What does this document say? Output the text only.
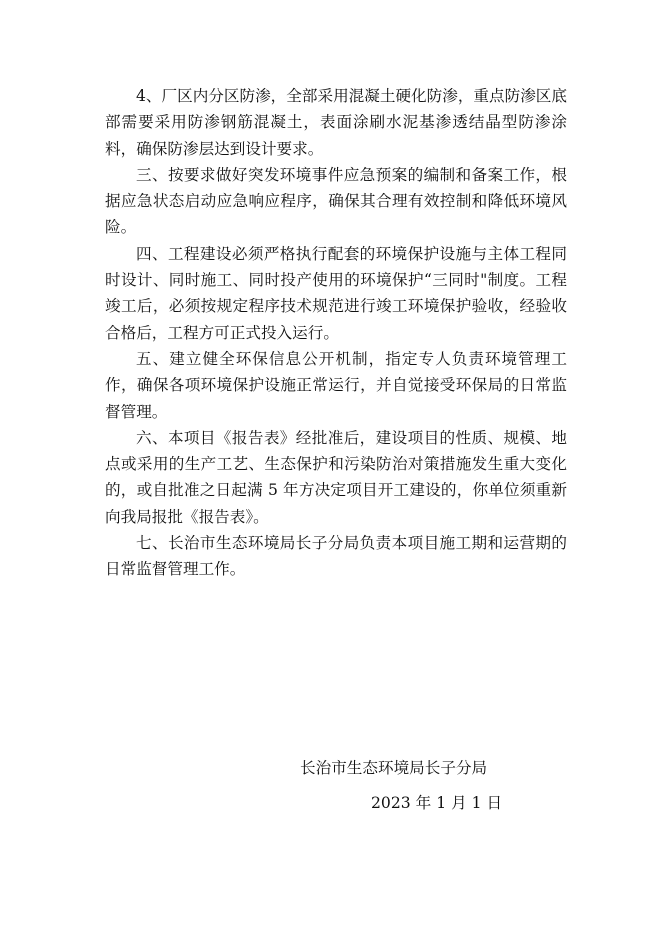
4、厂区内分区防渗，全部采用混凝土硬化防渗，重点防渗区底部需要采用防渗钢筋混凝土，表面涂刷水泥基渗透结晶型防渗涂料，确保防渗层达到设计要求。

三、按要求做好突发环境事件应急预案的编制和备案工作，根据应急状态启动应急响应程序，确保其合理有效控制和降低环境风险。

四、工程建设必须严格执行配套的环境保护设施与主体工程同时设计、同时施工、同时投产使用的环境保护“三同时"制度。工程竣工后，必须按规定程序技术规范进行竣工环境保护验收，经验收合格后，工程方可正式投入运行。

五、建立健全环保信息公开机制，指定专人负责环境管理工作，确保各项环境保护设施正常运行，并自觉接受环保局的日常监督管理。

六、本项目《报告表》经批准后，建设项目的性质、规模、地点或采用的生产工艺、生态保护和污染防治对策措施发生重大变化的，或自批准之日起满 5 年方决定项目开工建设的，你单位须重新向我局报批《报告表》。

七、长治市生态环境局长子分局负责本项目施工期和运营期的日常监督管理工作。

长治市生态环境局长子分局
2023 年 1 月 1 日
